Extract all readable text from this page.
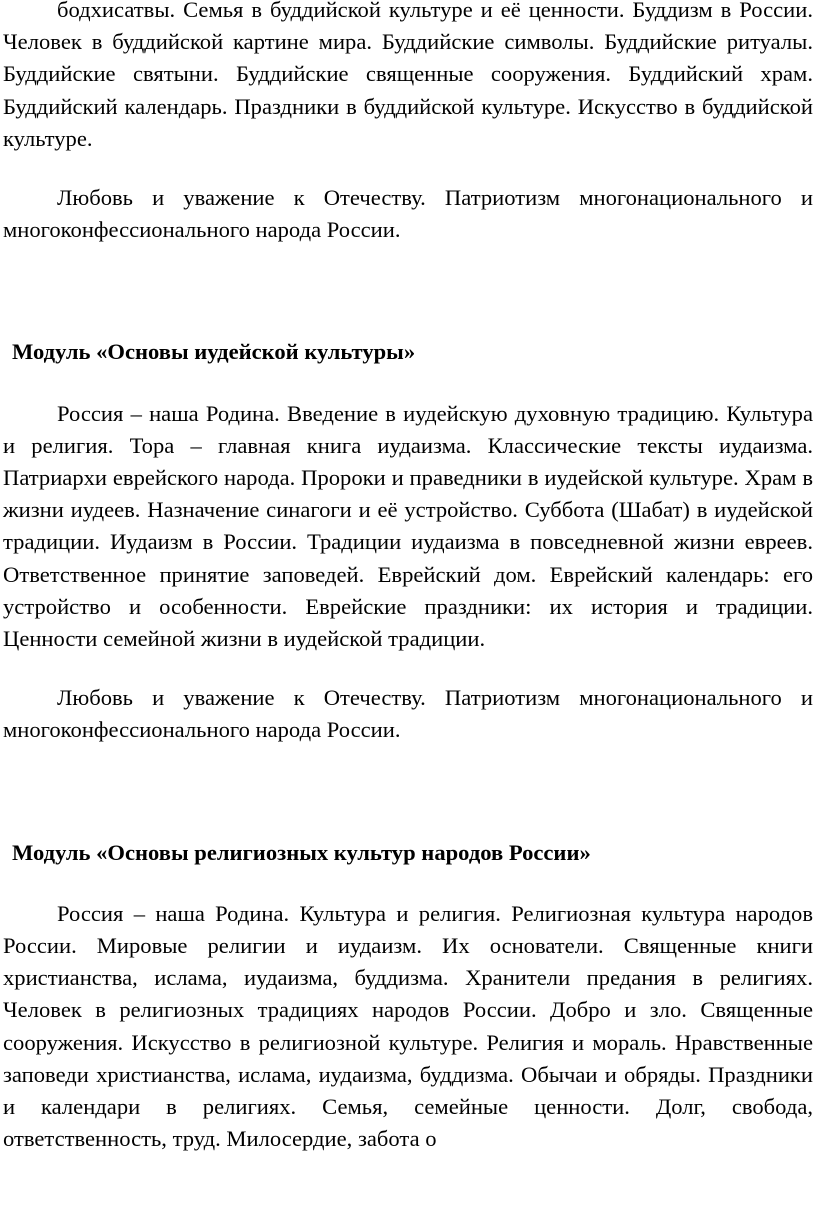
бодхисатвы. Семья в буддийской культуре и её ценности. Буддизм в России. Человек в буддийской картине мира. Буддийские символы. Буддийские ритуалы. Буддийские святыни. Буддийские священные сооружения. Буддийский храм. Буддийский календарь. Праздники в буддийской культуре. Искусство в буддийской культуре.

Любовь и уважение к Отечеству. Патриотизм многонационального и многоконфессионального народа России.

Модуль «Основы иудейской культуры»

Россия – наша Родина. Введение в иудейскую духовную традицию. Культура и религия. Тора – главная книга иудаизма. Классические тексты иудаизма. Патриархи еврейского народа. Пророки и праведники в иудейской культуре. Храм в жизни иудеев. Назначение синагоги и её устройство. Суббота (Шабат) в иудейской традиции. Иудаизм в России. Традиции иудаизма в повседневной жизни евреев. Ответственное принятие заповедей. Еврейский дом. Еврейский календарь: его устройство и особенности. Еврейские праздники: их история и традиции. Ценности семейной жизни в иудейской традиции.

Любовь и уважение к Отечеству. Патриотизм многонационального и многоконфессионального народа России.

Модуль «Основы религиозных культур народов России»

Россия – наша Родина. Культура и религия. Религиозная культура народов России. Мировые религии и иудаизм. Их основатели. Священные книги христианства, ислама, иудаизма, буддизма. Хранители предания в религиях. Человек в религиозных традициях народов России. Добро и зло. Священные сооружения. Искусство в религиозной культуре. Религия и мораль. Нравственные заповеди христианства, ислама, иудаизма, буддизма. Обычаи и обряды. Праздники и календари в религиях. Семья, семейные ценности. Долг, свобода, ответственность, труд. Милосердие, забота о
